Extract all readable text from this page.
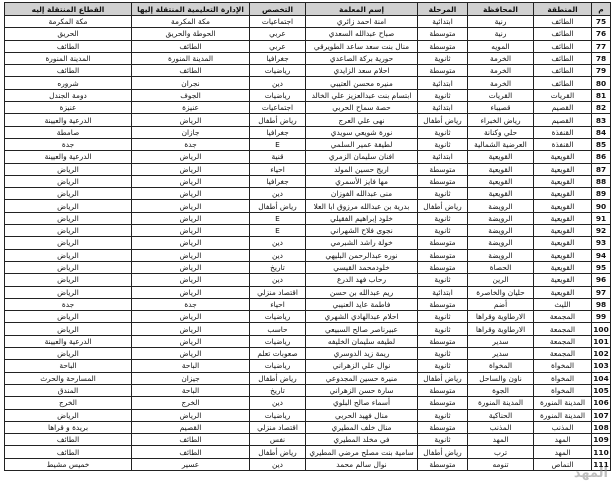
م	المنطقة	المحافظة	المرحلة	إسم المعلمة	التخصص	الإدارة التعليمية المنتقلة إليها	القطاع المنتقلة إليه
75	الطائف	رنية	ابتدائية	امنة احمد زائري	اجتماعيات	مكة المكرمة	مكة المكرمة
76	الطائف	رنية	متوسطة	صباح عبدالله السعدي	عربي	الحوطة والحريق	الحريق
77	الطائف	المويه	متوسطة	منال بنت سعد ساعد الطويرقي	عربي	الطائف	الطائف
78	الطائف	الخرمة	ثانوية	حورية بركة الصاعدي	جغرافيا	المدينة المنورة	المدينة المنورة
79	الطائف	الخرمة	متوسطة	احلام سعد الزايدي	رياضيات	الطائف	الطائف
80	الطائف	الخرمة	ابتدائية	منيره محسن العتيبي	دين	نجران	شروره
81	القريات	القريات	ثانوية	ابتسام بنت عبدالعزيز علي الخالد	رياضيات	الجوف	دومة الجندل
82	القصيم	قصيباء	ابتدائية	حصة سماح الحربي	اجتماعيات	عنيزة	عنيزة
83	القصيم	رياض الخبراء	رياض أطفال	نهى علي العرج	رياض أطفال	الرياض	الدرعية والعيينة
84	القنفذة	حلي وكنانة	ثانوية	نورة شويعي سويدي	جغرافيا	جازان	صامطة
85	القنفذة	العرضية الشمالية	ثانوية	لطيفة عمير السلمي	E	جدة	جدة
86	القويعية	القويعية	ابتدائية	افنان سليمان الزمري	قنية	الرياض	الدرعية والعيينة
87	القويعية	القويعية	متوسطة	اريج حسين المولد	احياء	الرياض	الرياض
88	القويعية	القويعية	متوسطة	مها فايز الأسمري	جغرافيا	الرياض	الرياض
89	القويعية	القويعية	ثانوية	منى عبدالله الفوزان	دين	الرياض	الرياض
90	القويعية	الرويضة	رياض أطفال	بدرية بن عبدالله مرزوق ابا العلا	رياض أطفال	الرياض	الرياض
91	القويعية	الرويضة	ثانوية	خلود إبراهيم الفقيلي	E	الرياض	الرياض
92	القويعية	الرويضة	ثانوية	نجوى فلاح الشهراني	E	الرياض	الرياض
93	القويعية	الرويضة	متوسطة	خولة راشد الشبرمي	دين	الرياض	الرياض
94	القويعية	الرويضة	متوسطة	نوره عبدالرحمن البليهي	دين	الرياض	الرياض
95	القويعية	الحصاة	متوسطة	خلودمحمد القيسي	تاريخ	الرياض	الرياض
96	القويعية	الرين	ثانوية	رحاب فهد الدرع	دين	الرياض	الرياض
97	القويعية	حليان والخاصرة	ابتدائية	ريم عبدالله بن حسن	اقتصاد منزلي	الرياض	الرياض
98	الليث	أضم	متوسطة	فاطمة عايد العنيبي	احياء	جدة	جدة
99	المجمعة	الارطاوية وقراها	ثانوية	احلام عبدالهادي الشهري	رياضيات	الرياض	الرياض
100	المجمعة	الارطاوية وقراها	ثانوية	عبيرناصر صالح السبيعي	حاسب	الرياض	الرياض
101	المجمعة	سدير	متوسطة	لطيفه سليمان الخليفه	رياضيات	الرياض	الدرعية والعيينة
102	المجمعة	سدير	ثانوية	ريمة زيد الدوسري	صعوبات تعلم	الرياض	الرياض
103	المخواة	المخواة	ثانوية	نوال علي الزهراني	رياضيات	الباحة	الباحة
104	المخواة	ناون والساحل	رياض أطفال	منيرة حسين المجدوعي	رياض أطفال	جيزان	المسارحة والحرث
105	المخواة	الجوة	متوسطة	سارة حسن الزهراني	تاريخ	الباحة	المندق
106	المدينة المنورة	المدينة المنورة	متوسطة	أسماء صالح البلوي	دين	الخرج	الخرج
107	المدينة المنورة	الحناكية	ثانوية	منال فهيد الحربي	رياضيات	الرياض	الرياض
108	المذنب	المذنب	متوسطة	منال خلف المطيري	اقتصاد منزلي	القصيم	بريدة و قراها
109	المهد	المهد	ثانوية	في مخلد المطيري	نفس	الطائف	الطائف
110	المهد	ترب	رياض أطفال	سامية بنت مصلح مرضي المطيري	رياض أطفال	الطائف	الطائف
111	النماص	تنومه	متوسطة	نوال سالم محمد	دين	عسير	خميس مشيط
المهد
